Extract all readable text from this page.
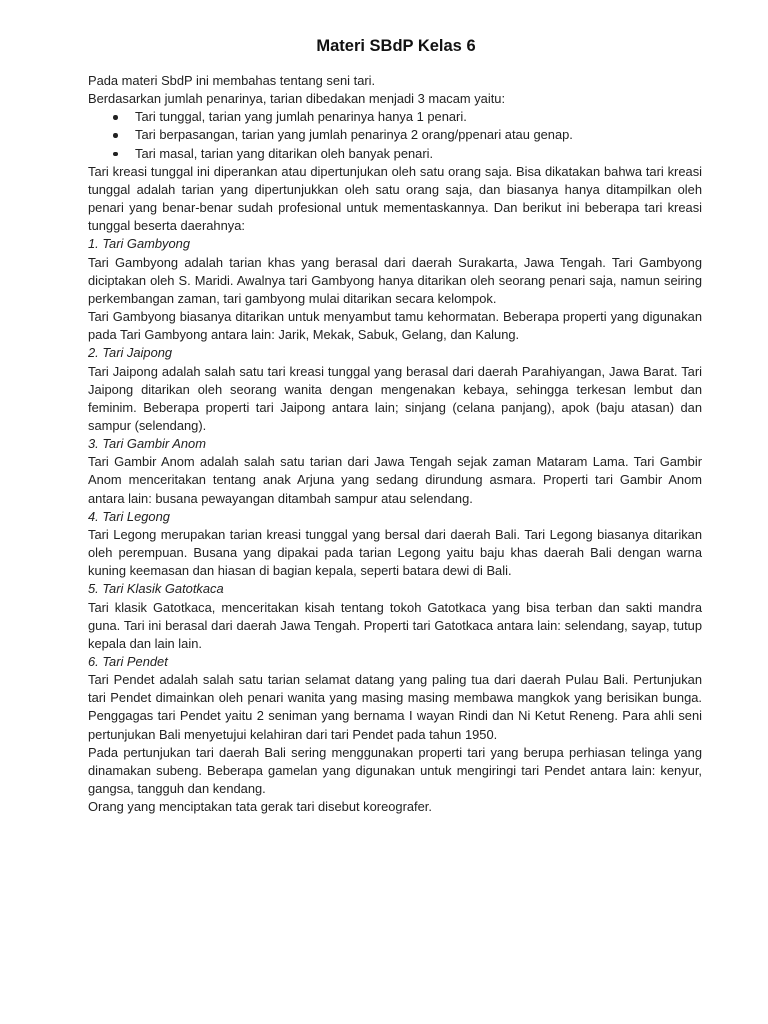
Materi SBdP Kelas 6

Pada materi SbdP ini membahas tentang seni tari.

Berdasarkan jumlah penarinya, tarian dibedakan menjadi 3 macam yaitu:

Tari tunggal, tarian yang jumlah penarinya hanya 1 penari.
Tari berpasangan, tarian yang jumlah penarinya 2 orang/ppenari atau genap.
Tari masal, tarian yang ditarikan oleh banyak penari.

Tari kreasi tunggal ini diperankan atau dipertunjukan oleh satu orang saja. Bisa dikatakan bahwa tari kreasi tunggal adalah tarian yang dipertunjukkan oleh satu orang saja, dan biasanya hanya ditampilkan oleh penari yang benar-benar sudah profesional untuk mementaskannya. Dan berikut ini beberapa tari kreasi tunggal beserta daerahnya:

1. Tari Gambyong

Tari Gambyong adalah tarian khas yang berasal dari daerah Surakarta, Jawa Tengah. Tari Gambyong diciptakan oleh S. Maridi. Awalnya tari Gambyong hanya ditarikan oleh seorang penari saja, namun seiring perkembangan zaman, tari gambyong mulai ditarikan secara kelompok.

Tari Gambyong biasanya ditarikan untuk menyambut tamu kehormatan. Beberapa properti yang digunakan pada Tari Gambyong antara lain: Jarik, Mekak, Sabuk, Gelang, dan Kalung.

2. Tari Jaipong

Tari Jaipong adalah salah satu tari kreasi tunggal yang berasal dari daerah Parahiyangan, Jawa Barat. Tari Jaipong ditarikan oleh seorang wanita dengan mengenakan kebaya, sehingga terkesan lembut dan feminim. Beberapa properti tari Jaipong antara lain; sinjang (celana panjang), apok (baju atasan) dan sampur (selendang).

3. Tari Gambir Anom

Tari Gambir Anom adalah salah satu tarian dari Jawa Tengah sejak zaman Mataram Lama. Tari Gambir Anom menceritakan tentang anak Arjuna yang sedang dirundung asmara. Properti tari Gambir Anom antara lain: busana pewayangan ditambah sampur atau selendang.

4. Tari Legong

Tari Legong merupakan tarian kreasi tunggal yang bersal dari daerah Bali. Tari Legong biasanya ditarikan oleh perempuan. Busana yang dipakai pada tarian Legong yaitu baju khas daerah Bali dengan warna kuning keemasan dan hiasan di bagian kepala, seperti batara dewi di Bali.

5. Tari Klasik Gatotkaca

Tari klasik Gatotkaca, menceritakan kisah tentang tokoh Gatotkaca yang bisa terban dan sakti mandra guna. Tari ini berasal dari daerah Jawa Tengah. Properti tari Gatotkaca antara lain: selendang, sayap, tutup kepala dan lain lain.

6. Tari Pendet

Tari Pendet adalah salah satu tarian selamat datang yang paling tua dari daerah Pulau Bali. Pertunjukan tari Pendet dimainkan oleh penari wanita yang masing masing membawa mangkok yang berisikan bunga. Penggagas tari Pendet yaitu 2 seniman yang bernama I wayan Rindi dan Ni Ketut Reneng. Para ahli seni pertunjukan Bali menyetujui kelahiran dari tari Pendet pada tahun 1950.

Pada pertunjukan tari daerah Bali sering menggunakan properti tari yang berupa perhiasan telinga yang dinamakan subeng. Beberapa gamelan yang digunakan untuk mengiringi tari Pendet antara lain: kenyur, gangsa, tangguh dan kendang.

Orang yang menciptakan tata gerak tari disebut koreografer.
